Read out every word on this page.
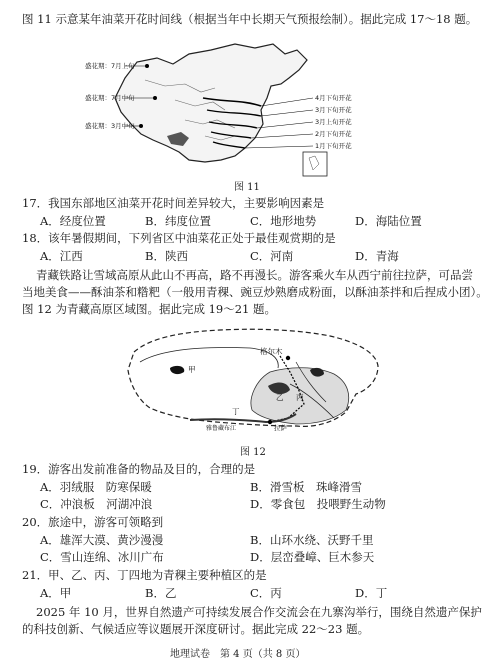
图 11 示意某年油菜开花时间线（根据当年中长期天气预报绘制）。据此完成 17～18 题。
盛花期：7月上旬
盛花期：7月中旬
盛花期：3月中旬
4月下旬开花
3月下旬开花
3月上旬开花
2月下旬开花
1月下旬开花
图 11
17．我国东部地区油菜开花时间差异较大，主要影响因素是
A．经度位置	B．纬度位置	C．地形地势	D．海陆位置
18．该年暑假期间，下列省区中油菜花正处于最佳观赏期的是
A．江西	B．陕西	C．河南	D．青海
青藏铁路让雪域高原从此山不再高，路不再漫长。游客乘火车从西宁前往拉萨，可品尝
当地美食——酥油茶和糌粑（一般用青稞、豌豆炒熟磨成粉面，以酥油茶拌和后捏成小团）。
图 12 为青藏高原区域图。据此完成 19～21 题。
格尔木
甲
乙 丙
丁
拉萨
雅鲁藏布江
图 12
19．游客出发前准备的物品及目的，合理的是
A．羽绒服　防寒保暖	B．滑雪板　珠峰滑雪
C．冲浪板　河湖冲浪	D．零食包　投喂野生动物
20．旅途中，游客可领略到
A．雄浑大漠、黄沙漫漫	B．山环水绕、沃野千里
C．雪山连绵、冰川广布	D．层峦叠嶂、巨木参天
21．甲、乙、丙、丁四地为青稞主要种植区的是
A．甲	B．乙	C．丙	D．丁
2025 年 10 月，世界自然遗产可持续发展合作交流会在九寨沟举行，围绕自然遗产保护
的科技创新、气候适应等议题展开深度研讨。据此完成 22～23 题。
地理试卷　第 4 页（共 8 页）
